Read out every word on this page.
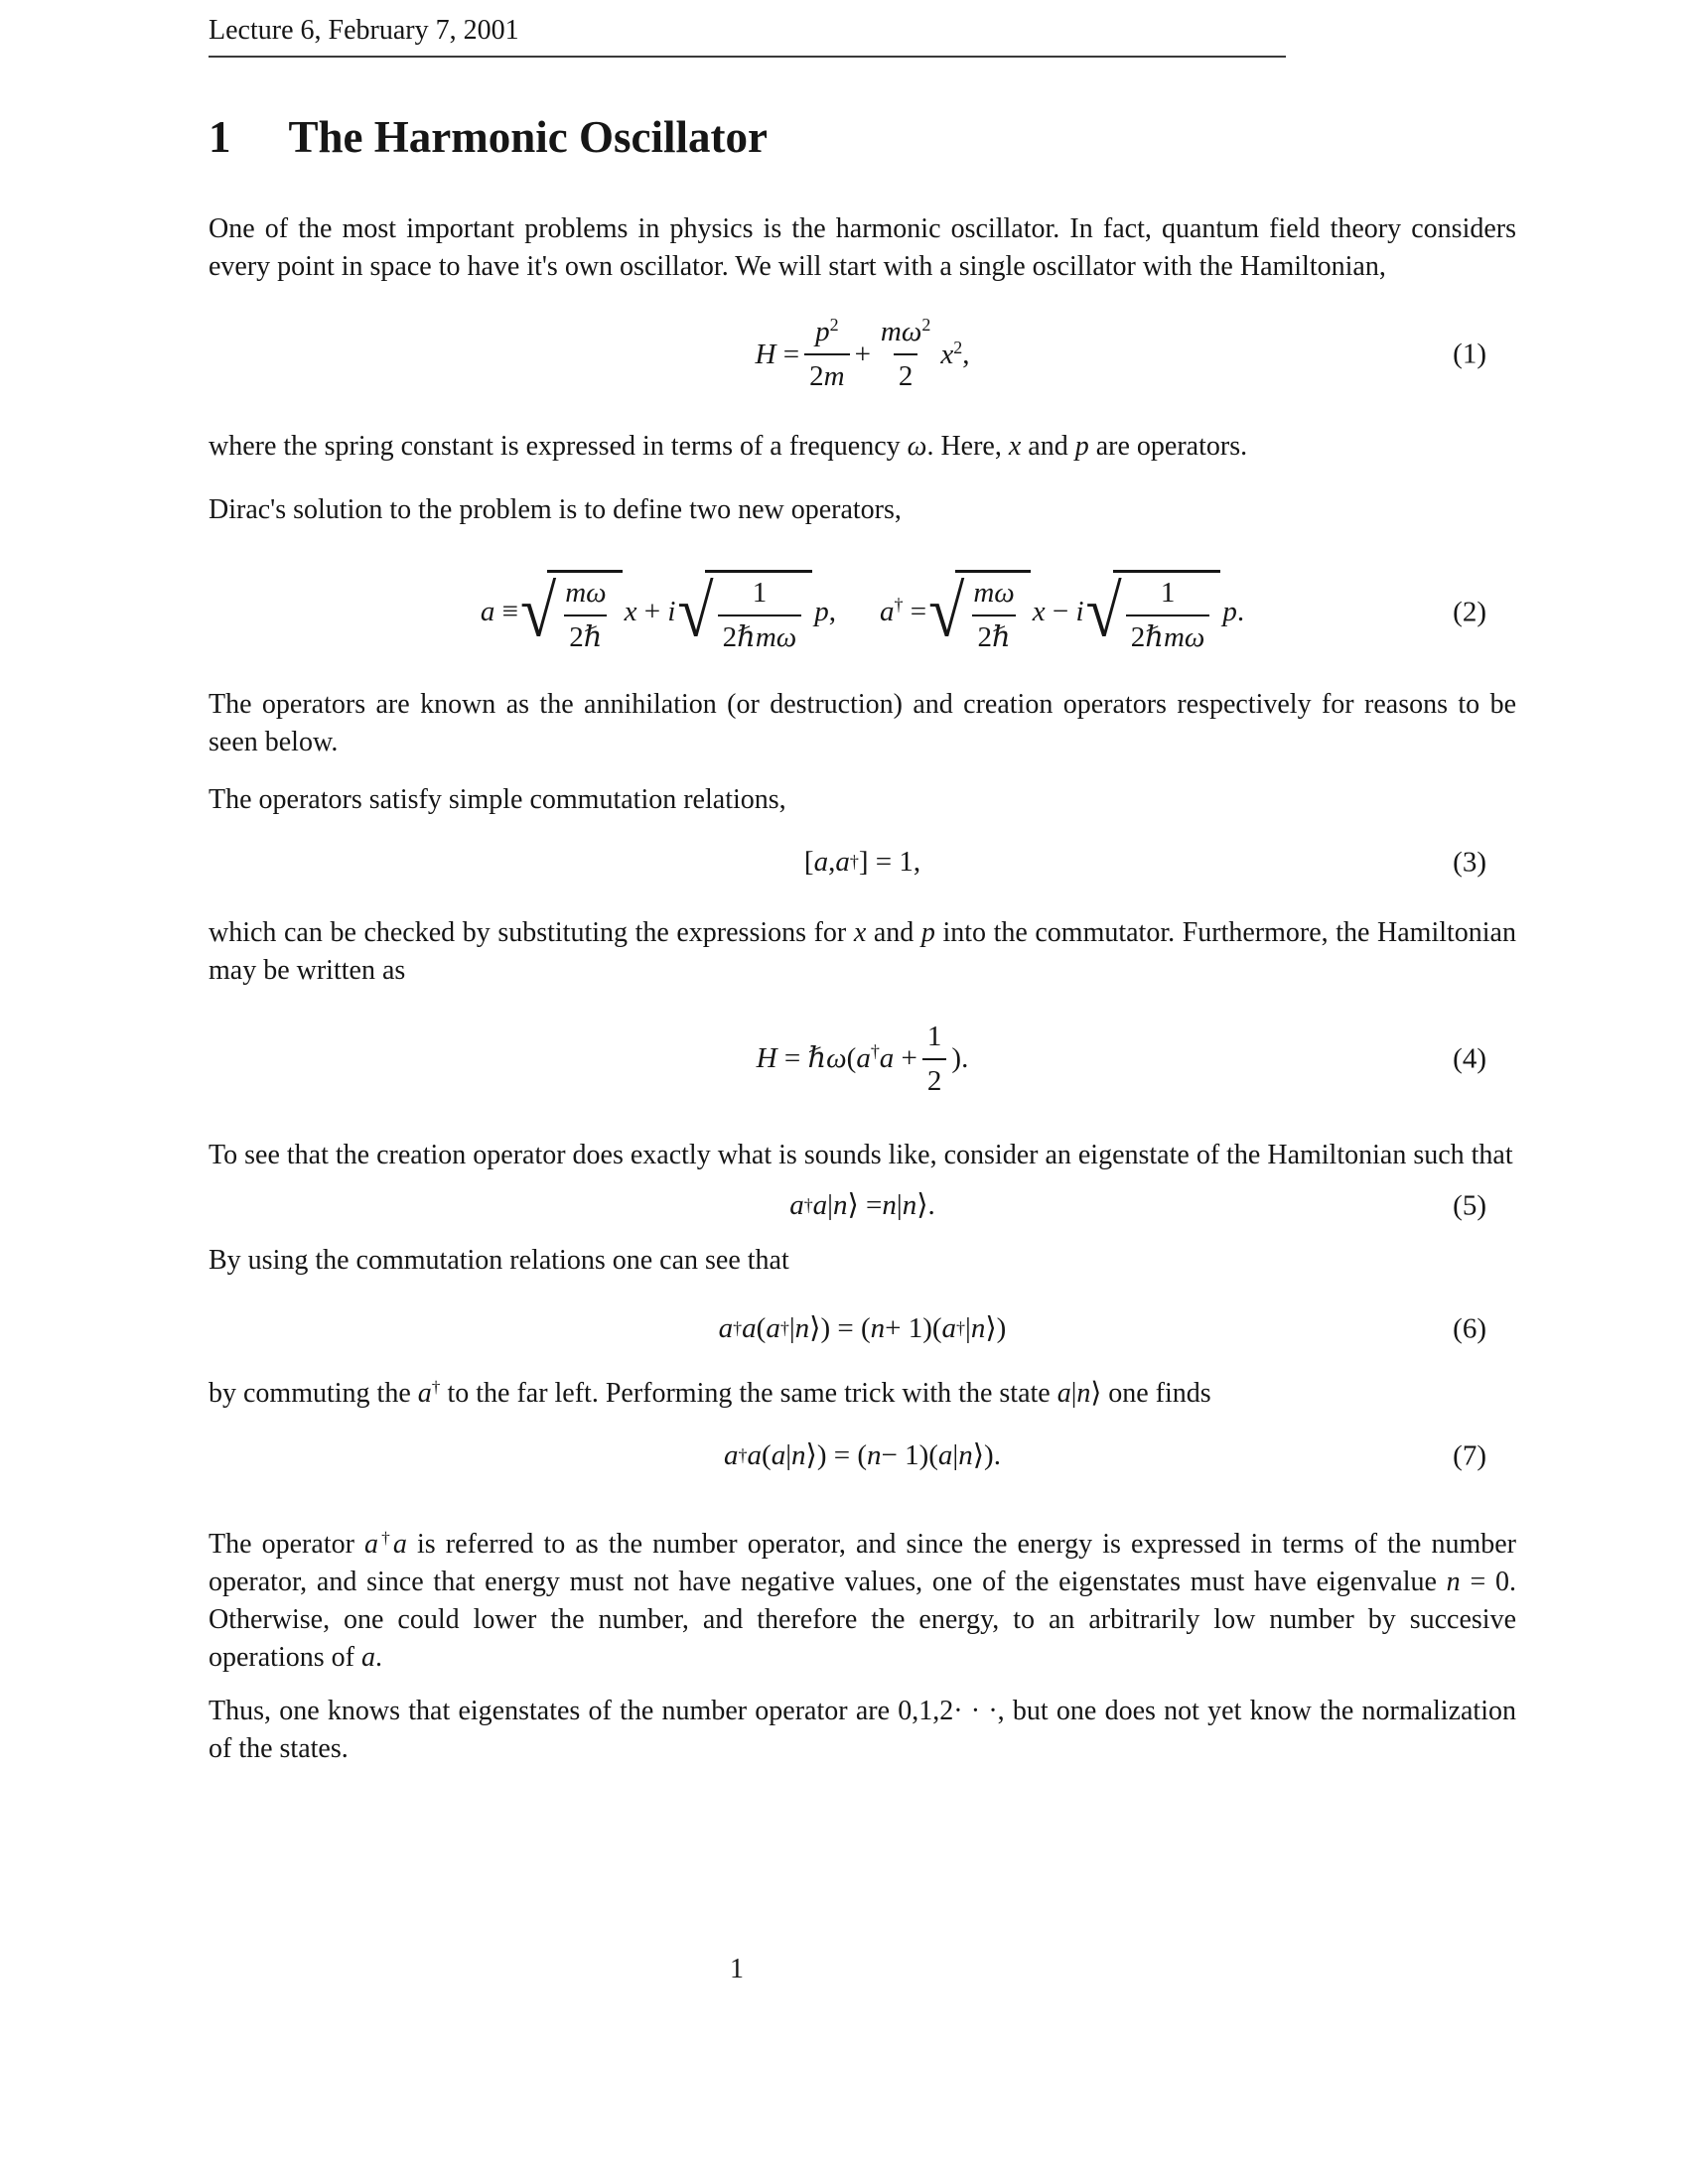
Lecture 6, February 7, 2001
1 The Harmonic Oscillator

One of the most important problems in physics is the harmonic oscillator. In fact, quantum field theory considers every point in space to have it's own oscillator. We will start with a single oscillator with the Hamiltonian,

$H = \frac{p^2}{2m} + \frac{m\omega^2}{2} x^2$,	(1)

where the spring constant is expressed in terms of a frequency ω. Here, x and p are operators.

Dirac's solution to the problem is to define two new operators,

a ≡ √ $\frac{m\omega}{\text{2ℏ}}$ x + i √ $\frac{1}{\text{2ℏmω}} p$, a† = √ $\frac{m\omega}{\text{2ℏ}}$ x − i √ $\frac{1}{\text{2ℏmω}} p$.	(2)

The operators are known as the annihilation (or destruction) and creation operators respectively for reasons to be seen below.

The operators satisfy simple commutation relations,

[ a , a † ] = 1,	(3)

which can be checked by substituting the expressions for x and p into the commutator. Furthermore, the Hamiltonian may be written as

H = ℏω(a†a + $\frac{1}{2}$ ).	(4)

To see that the creation operator does exactly what is sounds like, consider an eigenstate of the Hamiltonian such that

a † a | n ⟩ = n | n ⟩.	(5)

By using the commutation relations one can see that

a † a ( a † | n ⟩) = ( n + 1)( a † | n ⟩)	(6)

by commuting the a† to the far left. Performing the same trick with the state a|n⟩ one finds

a † a ( a | n ⟩) = ( n − 1)( a | n ⟩).	(7)

The operator a†a is referred to as the number operator, and since the energy is expressed in terms of the number operator, and since that energy must not have negative values, one of the eigenstates must have eigenvalue n = 0. Otherwise, one could lower the number, and therefore the energy, to an arbitrarily low number by succesive operations of a.

Thus, one knows that eigenstates of the number operator are 0,1,2· · ·, but one does not yet know the normalization of the states.

1
